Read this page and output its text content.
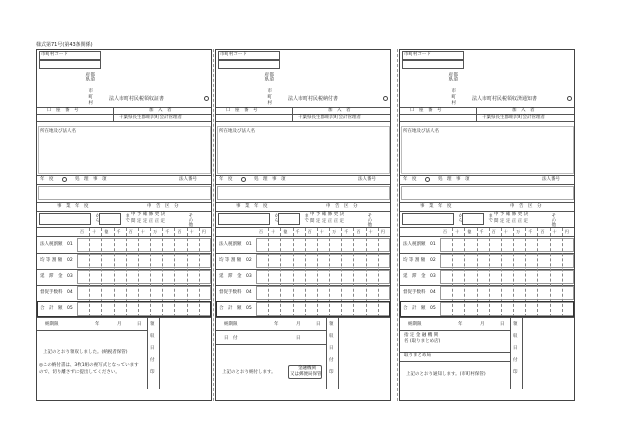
様式第71号(第43条関係)
市町村コード
都道
府県
市
町
村
法人市町村民税領収証書
口　座　番　号	加　入　者
千葉県長生郡睦沢町会計管理者
所在地及び法人名
年　度	処　理　事　項	法人番号
事　業　年　度	申　告　区　分
から	まで 中 予 確 修 更 決
間 定 定 正 正 定	その他
百 十 億 千 百 十 万 千 百 十 円
法人税割額 01
均 等 割 額 02
延　滞　金 03
督促手数料 04
合　計　額 05
納期限	年	月	日 領
収
日
付
印
上記のとおり領収しました。(納税者保管)
◎この納付書は、3枚1組の複写式となっていますので、切り離さずに提出してください。
市町村コード
都道
府県
市
町
村
法人市町村民税納付書
口　座　番　号	加　入　者
千葉県長生郡睦沢町会計管理者
所在地及び法人名
年　度	処　理　事　項	法人番号
事　業　年　度	申　告　区　分
から	まで 中 予 確 修 更 決
間 定 定 正 正 定	その他
百 十 億 千 百 十 万 千 百 十 円
法人税割額 01
均 等 割 額 02
延　滞　金 03
督促手数料 04
合　計　額 05
納期限	年	月	日 領
収
日
付
印
日　付	日
上記のとおり納付します。
金融機関
又は郵便局保管
市町村コード
都道
府県
市
町
村
法人市町村民税領収済通知書
口　座　番　号	加　入　者
千葉県長生郡睦沢町会計管理者
所在地及び法人名
年　度	処　理　事　項	法人番号
事　業　年　度	申　告　区　分
から	まで 中 予 確 修 更 決
間 定 定 正 正 定	その他
百 十 億 千 百 十 万 千 百 十 円
法人税割額 01
均 等 割 額 02
延　滞　金 03
督促手数料 04
合　計　額 05
納期限	年	月	日 領
収
日
付
印
指 定 金 融 機 関 名 (取りまとめ店)
取りまとめ局
上記のとおり通知します。(市町村保管)
